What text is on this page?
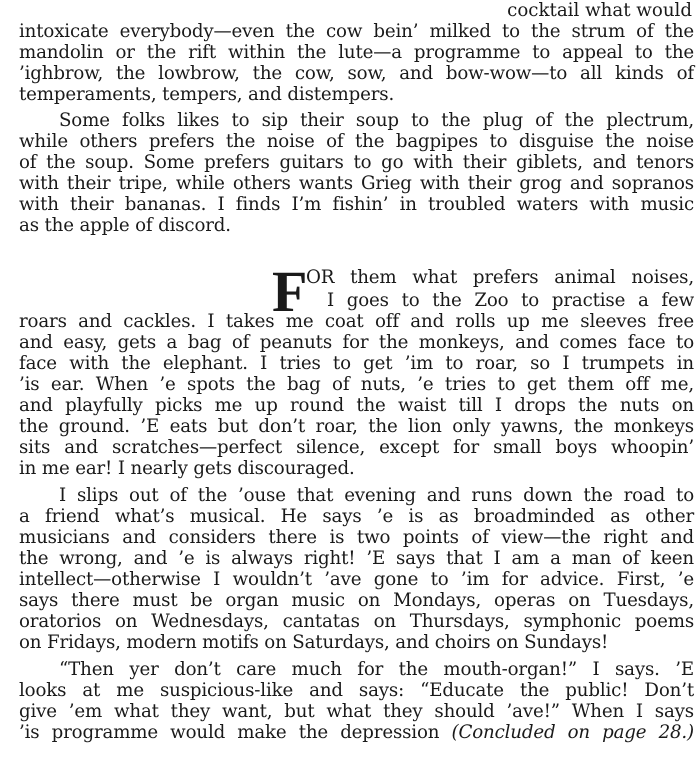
cocktail what would
intoxicate everybody—even the cow bein’ milked to the strum of the
mandolin or the rift within the lute—a programme to appeal to the
’ighbrow, the lowbrow, the cow, sow, and bow-wow—to all kinds of
temperaments, tempers, and distempers.
Some folks likes to sip their soup to the plug of the plectrum,
while others prefers the noise of the bagpipes to disguise the noise
of the soup. Some prefers guitars to go with their giblets, and tenors
with their tripe, while others wants Grieg with their grog and sopranos
with their bananas. I finds I’m fishin’ in troubled waters with music
as the apple of discord.
F
OR them what prefers animal noises,
I goes to the Zoo to practise a few
roars and cackles. I takes me coat off and rolls up me sleeves free
and easy, gets a bag of peanuts for the monkeys, and comes face to
face with the elephant. I tries to get ’im to roar, so I trumpets in
’is ear. When ’e spots the bag of nuts, ’e tries to get them off me,
and playfully picks me up round the waist till I drops the nuts on
the ground. ’E eats but don’t roar, the lion only yawns, the monkeys
sits and scratches—perfect silence, except for small boys whoopin’
in me ear! I nearly gets discouraged.
I slips out of the ’ouse that evening and runs down the road to
a friend what’s musical. He says ’e is as broadminded as other
musicians and considers there is two points of view—the right and
the wrong, and ’e is always right! ’E says that I am a man of keen
intellect—otherwise I wouldn’t ’ave gone to ’im for advice. First, ’e
says there must be organ music on Mondays, operas on Tuesdays,
oratorios on Wednesdays, cantatas on Thursdays, symphonic poems
on Fridays, modern motifs on Saturdays, and choirs on Sundays!
“Then yer don’t care much for the mouth-organ!” I says. ’E
looks at me suspicious-like and says: “Educate the public! Don’t
give ’em what they want, but what they should ’ave!” When I says
’is programme would make the depression (Concluded on page 28.)
